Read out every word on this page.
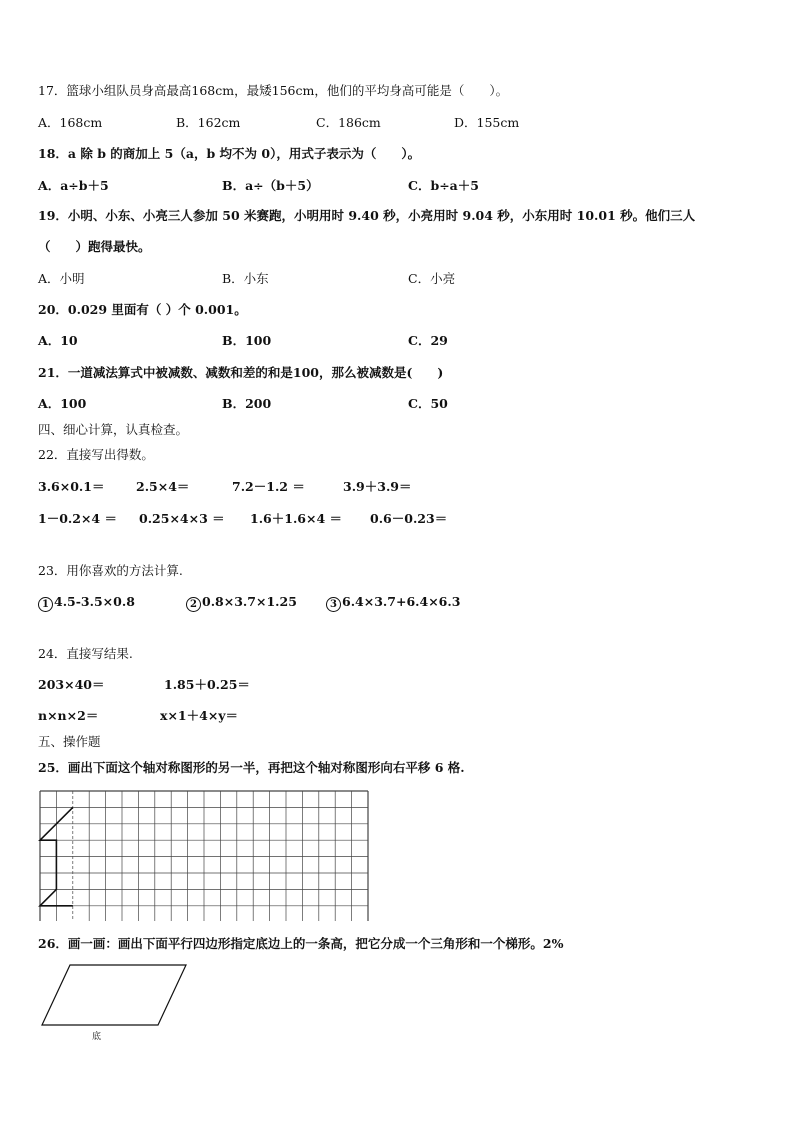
17．篮球小组队员身高最高168cm，最矮156cm，他们的平均身高可能是（　　）。
A．168cm	B．162cm	C．186cm	D．155cm
18．a 除 b 的商加上 5（a，b 均不为 0），用式子表示为（　　）。
A．a÷b＋5	B．a÷（b＋5）	C．b÷a＋5
19．小明、小东、小亮三人参加 50 米赛跑，小明用时 9.40 秒，小亮用时 9.04 秒，小东用时 10.01 秒。他们三人
（　　）跑得最快。
A．小明	B．小东	C．小亮
20．0.029 里面有（ ）个 0.001。
A．10	B．100	C．29
21．一道减法算式中被减数、减数和差的和是100，那么被减数是(　　)
A．100	B．200	C．50
四、细心计算，认真检查。
22．直接写出得数。
3.6×0.1＝	2.5×4＝	7.2－1.2 ＝	3.9＋3.9＝
1－0.2×4 ＝ 0.25×4×3 ＝ 1.6＋1.6×4 ＝ 0.6－0.23＝
23．用你喜欢的方法计算.
1 4.5-3.5×0.8	2 0.8×3.7×1.25	3 6.4×3.7+6.4×6.3
24．直接写结果.
203×40＝	1.85＋0.25＝
n×n×2＝	x×1＋4×y＝
五、操作题
25．画出下面这个轴对称图形的另一半，再把这个轴对称图形向右平移 6 格.
26．画一画：画出下面平行四边形指定底边上的一条高，把它分成一个三角形和一个梯形。2%
底
